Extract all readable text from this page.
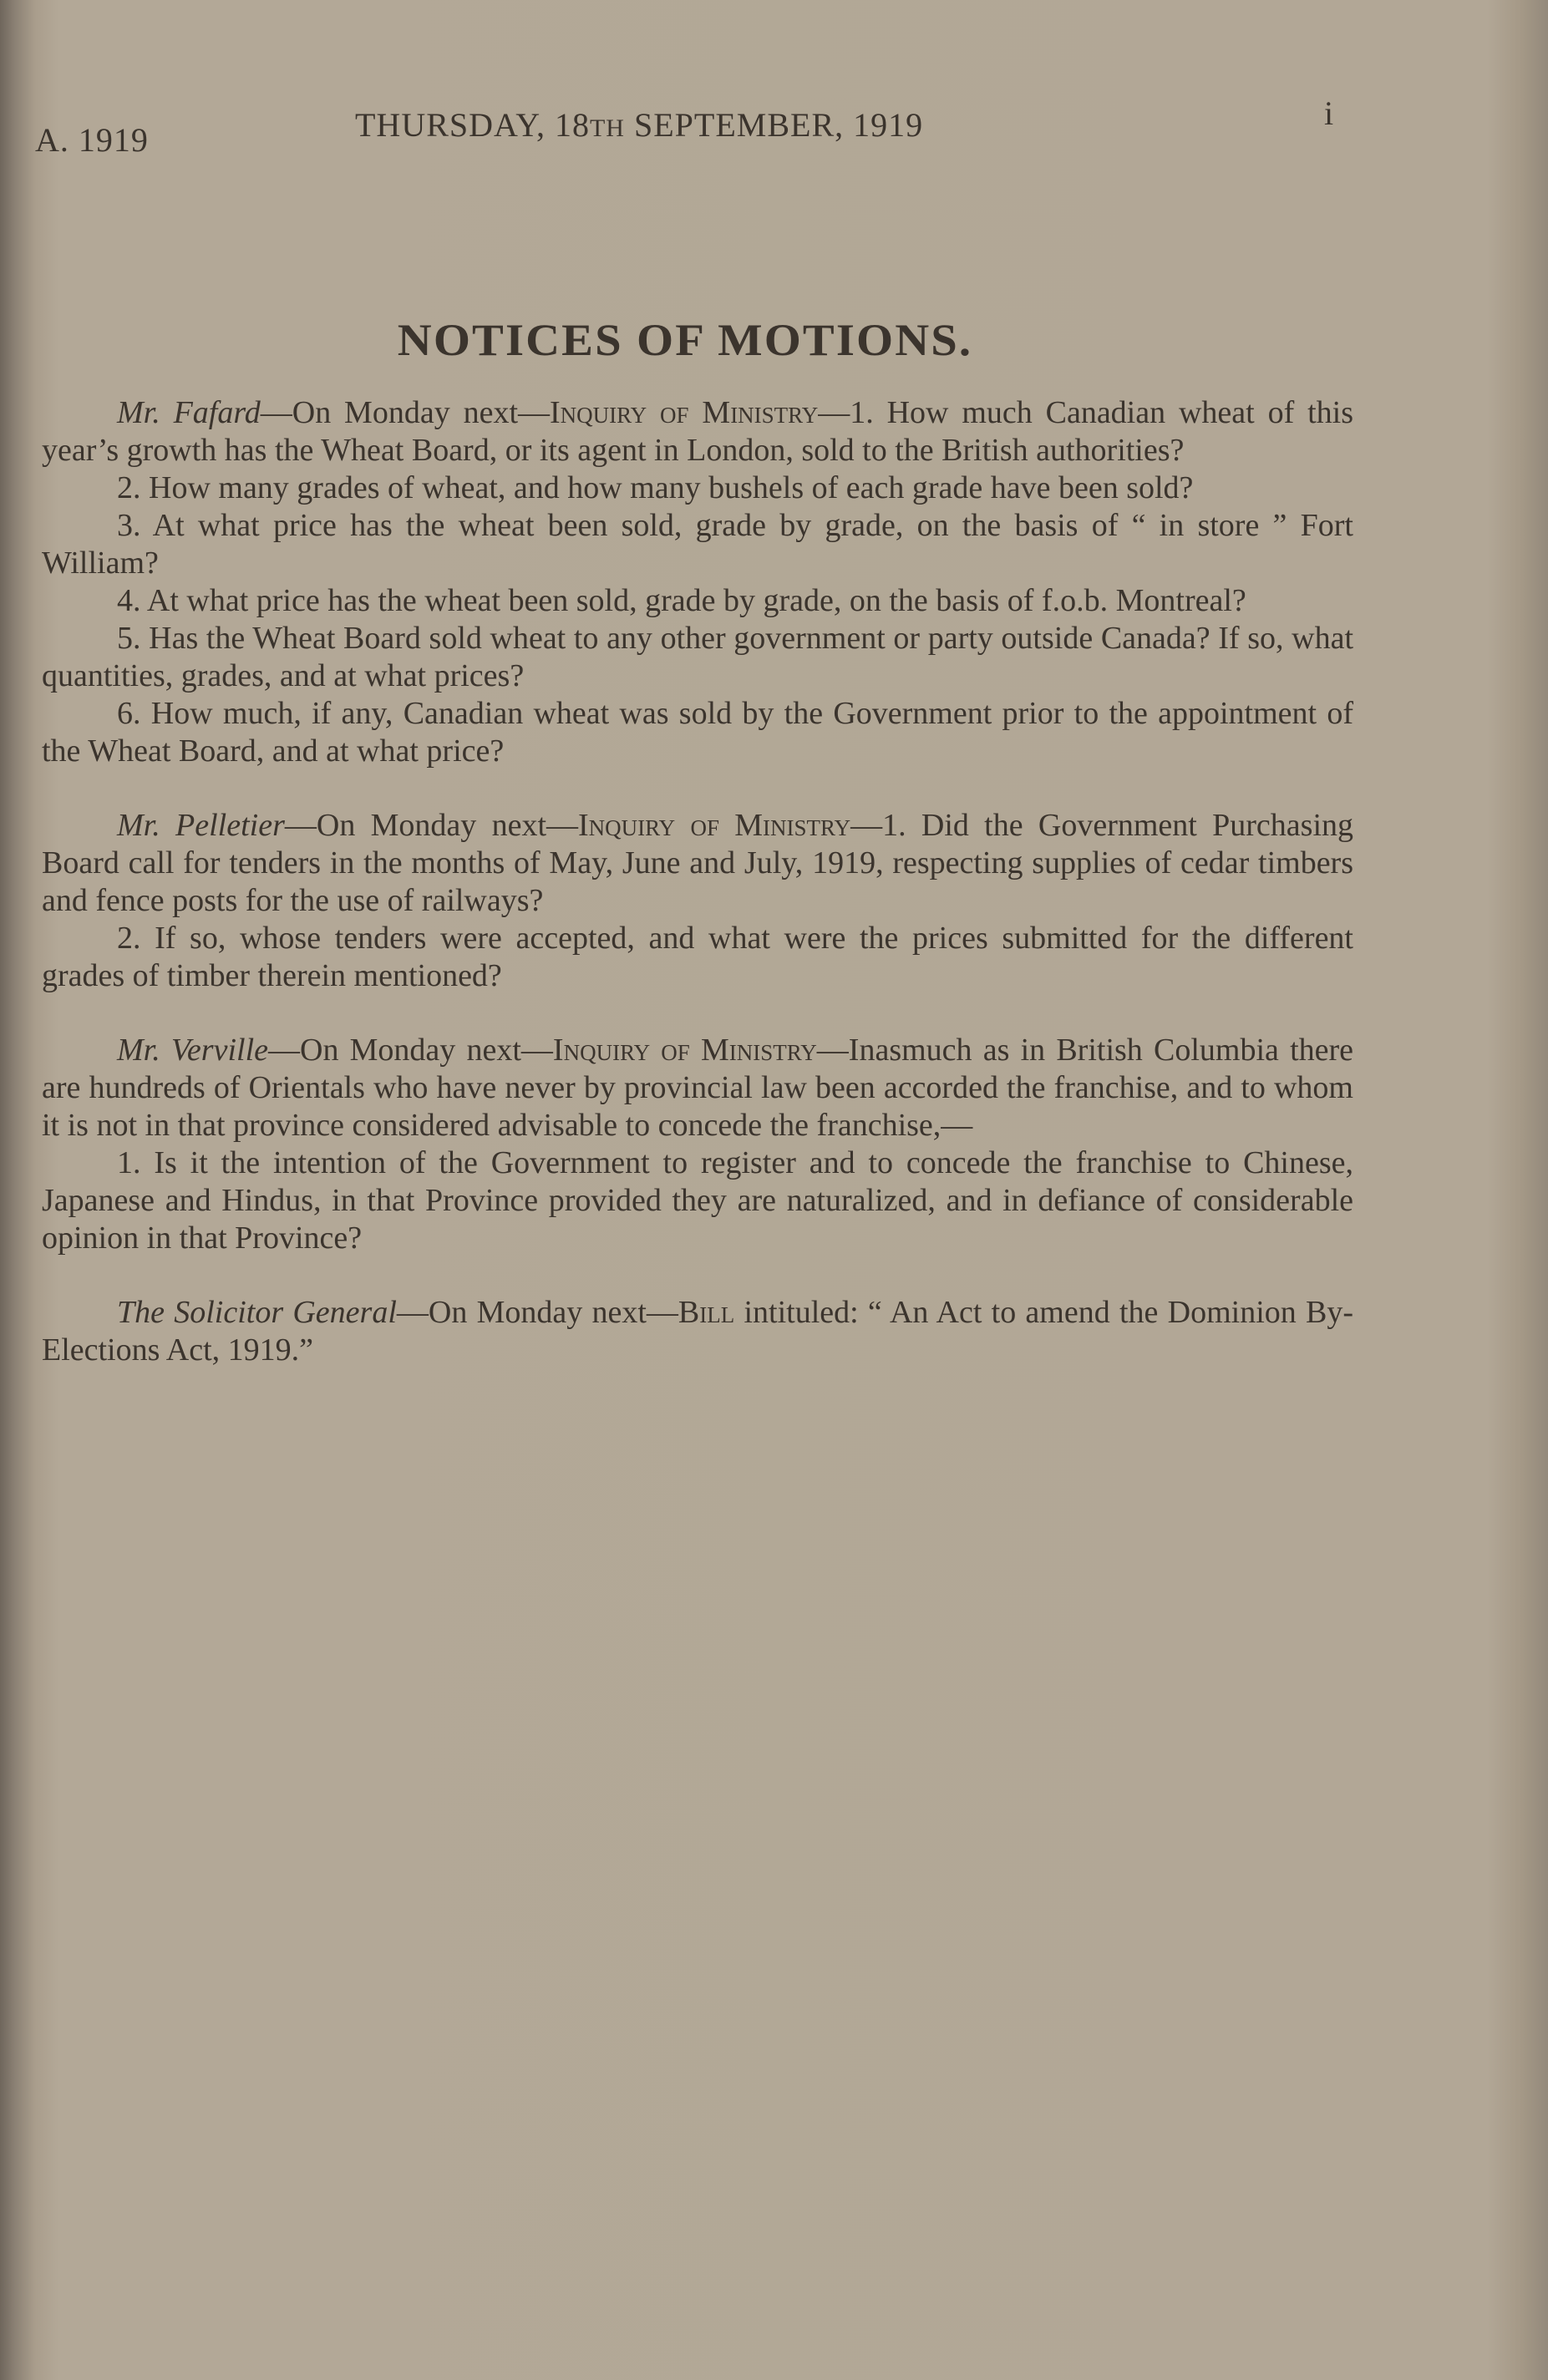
A. 1919	THURSDAY, 18TH SEPTEMBER, 1919	i
NOTICES OF MOTIONS.

Mr. Fafard—On Monday next—Inquiry of Ministry—1. How much Canadian wheat of this year’s growth has the Wheat Board, or its agent in London, sold to the British authorities?

2. How many grades of wheat, and how many bushels of each grade have been sold?

3. At what price has the wheat been sold, grade by grade, on the basis of “ in store ” Fort William?

4. At what price has the wheat been sold, grade by grade, on the basis of f.o.b. Montreal?

5. Has the Wheat Board sold wheat to any other government or party outside Canada? If so, what quantities, grades, and at what prices?

6. How much, if any, Canadian wheat was sold by the Government prior to the appointment of the Wheat Board, and at what price?

Mr. Pelletier—On Monday next—Inquiry of Ministry—1. Did the Government Purchasing Board call for tenders in the months of May, June and July, 1919, respecting supplies of cedar timbers and fence posts for the use of railways?

2. If so, whose tenders were accepted, and what were the prices submitted for the different grades of timber therein mentioned?

Mr. Verville—On Monday next—Inquiry of Ministry—Inasmuch as in British Columbia there are hundreds of Orientals who have never by provincial law been accorded the franchise, and to whom it is not in that province considered advisable to concede the franchise,—

1. Is it the intention of the Government to register and to concede the franchise to Chinese, Japanese and Hindus, in that Province provided they are naturalized, and in defiance of considerable opinion in that Province?

The Solicitor General—On Monday next—Bill intituled: “ An Act to amend the Dominion By-Elections Act, 1919.”
